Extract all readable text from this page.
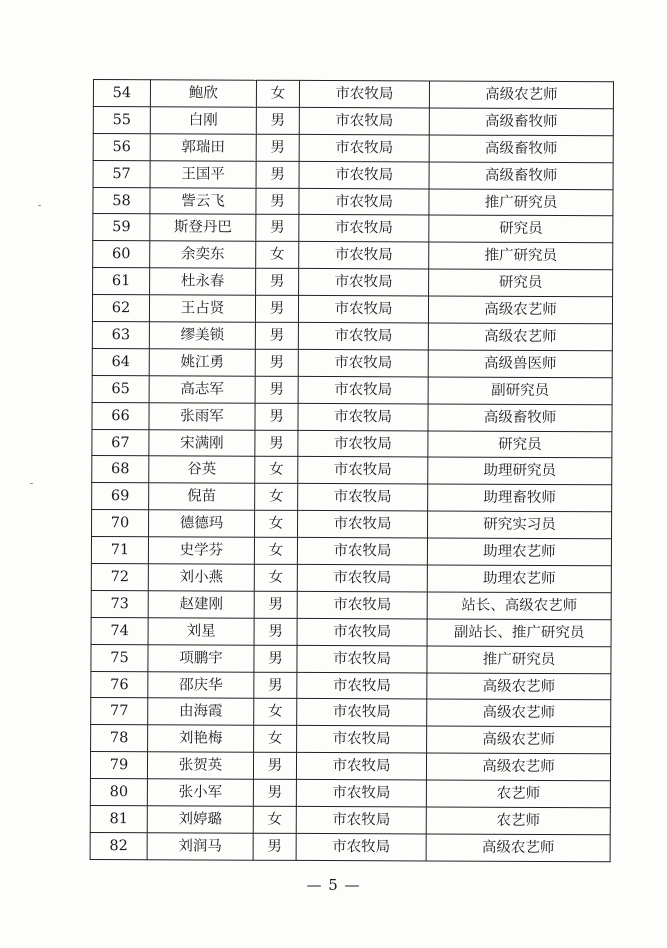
54	鲍欣	女	市农牧局	高级农艺师
55	白刚	男	市农牧局	高级畜牧师
56	郭瑞田	男	市农牧局	高级畜牧师
57	王国平	男	市农牧局	高级畜牧师
58	訾云飞	男	市农牧局	推广研究员
59	斯登丹巴	男	市农牧局	研究员
60	余奕东	女	市农牧局	推广研究员
61	杜永春	男	市农牧局	研究员
62	王占贤	男	市农牧局	高级农艺师
63	缪美锁	男	市农牧局	高级农艺师
64	姚江勇	男	市农牧局	高级兽医师
65	高志军	男	市农牧局	副研究员
66	张雨军	男	市农牧局	高级畜牧师
67	宋满刚	男	市农牧局	研究员
68	谷英	女	市农牧局	助理研究员
69	倪苗	女	市农牧局	助理畜牧师
70	德德玛	女	市农牧局	研究实习员
71	史学芬	女	市农牧局	助理农艺师
72	刘小燕	女	市农牧局	助理农艺师
73	赵建刚	男	市农牧局	站长、高级农艺师
74	刘星	男	市农牧局	副站长、推广研究员
75	项鹏宇	男	市农牧局	推广研究员
76	邵庆华	男	市农牧局	高级农艺师
77	由海霞	女	市农牧局	高级农艺师
78	刘艳梅	女	市农牧局	高级农艺师
79	张贺英	男	市农牧局	高级农艺师
80	张小军	男	市农牧局	农艺师
81	刘婷璐	女	市农牧局	农艺师
82	刘润马	男	市农牧局	高级农艺师
— 5 —
